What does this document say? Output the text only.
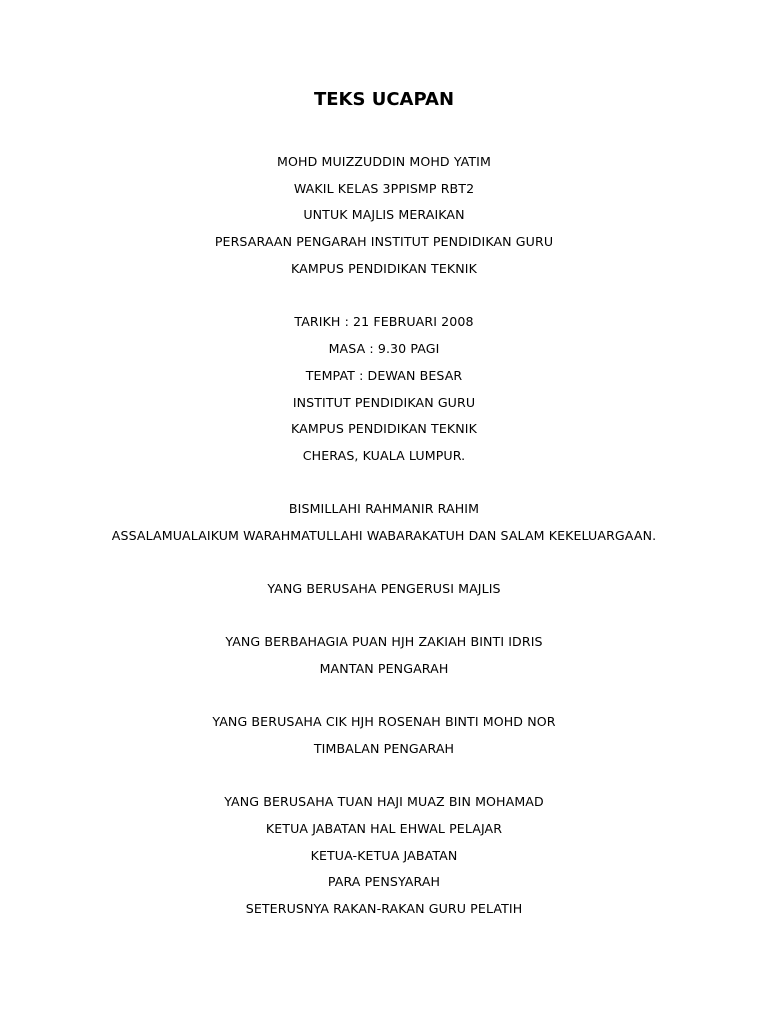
TEKS UCAPAN
MOHD MUIZZUDDIN MOHD YATIM
WAKIL KELAS 3PPISMP RBT2
UNTUK MAJLIS MERAIKAN
PERSARAAN PENGARAH INSTITUT PENDIDIKAN GURU
KAMPUS PENDIDIKAN TEKNIK
TARIKH : 21 FEBRUARI 2008
MASA : 9.30 PAGI
TEMPAT : DEWAN BESAR
INSTITUT PENDIDIKAN GURU
KAMPUS PENDIDIKAN TEKNIK
CHERAS, KUALA LUMPUR.
BISMILLAHI RAHMANIR RAHIM
ASSALAMUALAIKUM WARAHMATULLAHI WABARAKATUH DAN SALAM KEKELUARGAAN.
YANG BERUSAHA PENGERUSI MAJLIS
YANG BERBAHAGIA PUAN HJH ZAKIAH BINTI IDRIS
MANTAN PENGARAH
YANG BERUSAHA CIK HJH ROSENAH BINTI MOHD NOR
TIMBALAN PENGARAH
YANG BERUSAHA TUAN HAJI MUAZ BIN MOHAMAD
KETUA JABATAN HAL EHWAL PELAJAR
KETUA-KETUA JABATAN
PARA PENSYARAH
SETERUSNYA RAKAN-RAKAN GURU PELATIH
